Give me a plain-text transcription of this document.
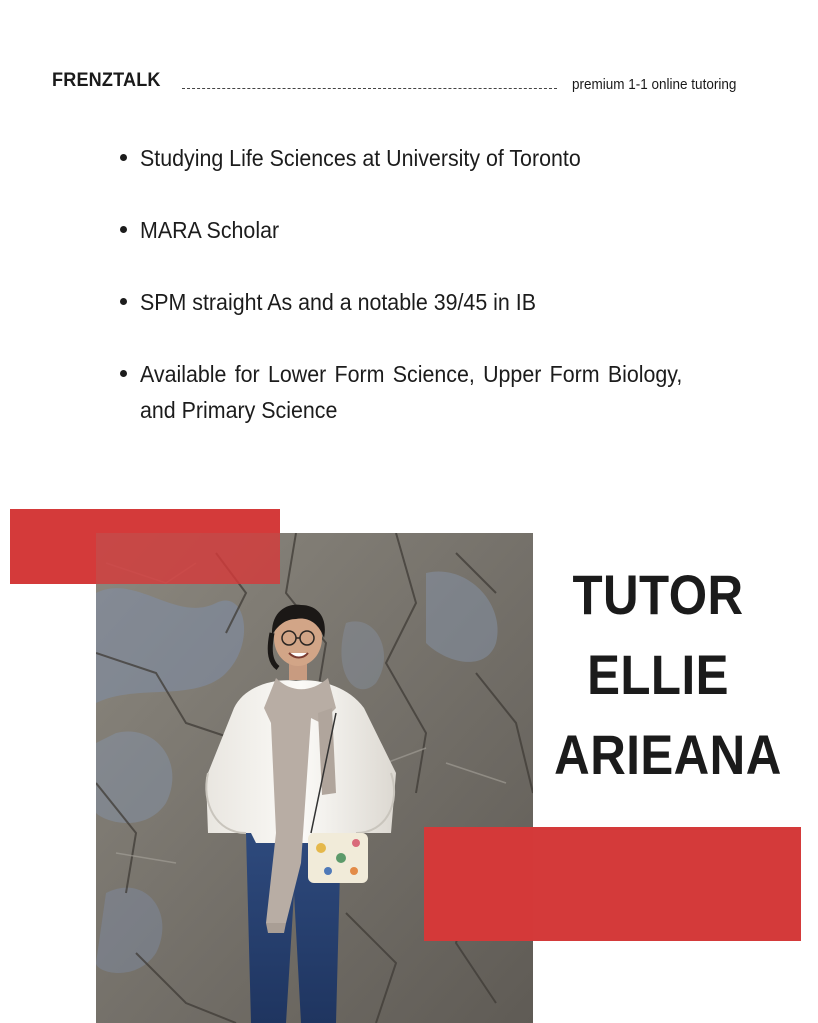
FRENZTALK	premium 1-1 online tutoring
Studying Life Sciences at University of Toronto
MARA Scholar
SPM straight As and a notable 39/45 in IB
Available for Lower Form Science, Upper Form Biology, and Primary Science
TUTOR
ELLIE
ARIEANA
